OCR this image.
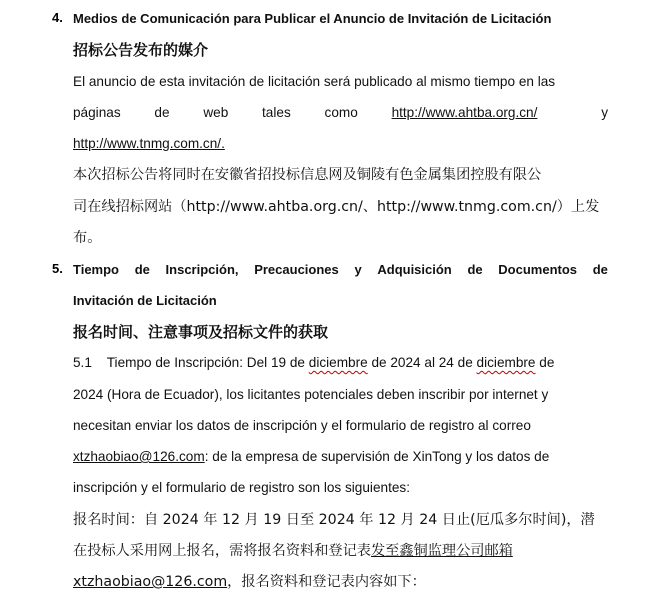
4. Medios de Comunicación para Publicar el Anuncio de Invitación de Licitación
招标公告发布的媒介
El anuncio de esta invitación de licitación será publicado al mismo tiempo en las
páginas de web tales como http://www.ahtba.org.cn/	y
http://www.tnmg.com.cn/.
本次招标公告将同时在安徽省招投标信息网及铜陵有色金属集团控股有限公
司在线招标网站（http://www.ahtba.org.cn/、http://www.tnmg.com.cn/）上发
布。
5. Tiempo de Inscripción, Precauciones y Adquisición de Documentos de
Invitación de Licitación
报名时间、注意事项及招标文件的获取
5.1    Tiempo de Inscripción: Del 19 de diciembre de 2024 al 24 de diciembre de
2024 (Hora de Ecuador), los licitantes potenciales deben inscribir por internet y
necesitan enviar los datos de inscripción y el formulario de registro al correo
xtzhaobiao@126.com: de la empresa de supervisión de XinTong y los datos de
inscripción y el formulario de registro son los siguientes:
报名时间：自 2024 年 12 月 19 日至 2024 年 12 月 24 日止(厄瓜多尔时间)，潜
在投标人采用网上报名，需将报名资料和登记表发至鑫铜监理公司邮箱
xtzhaobiao@126.com，报名资料和登记表内容如下：
